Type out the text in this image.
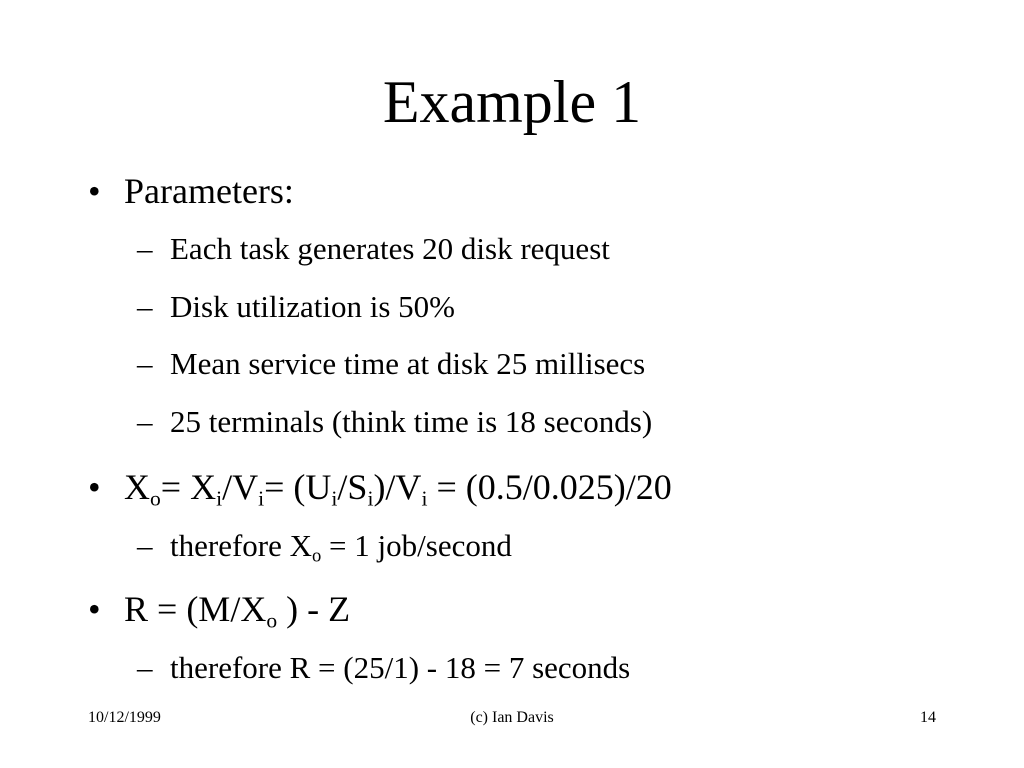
Example 1
• Parameters:
– Each task generates 20 disk request
– Disk utilization is 50%
– Mean service time at disk 25 millisecs
– 25 terminals (think time is 18 seconds)
• $X_o= X_i/V_i= (U_i/S_i)/V_i = (0.5/0.025)/20$
– therefore $X_o = 1$ job/second
• $R = (M/X_o$ ) - Z
– therefore R = (25/1) - 18 = 7 seconds
10/12/1999	(c) Ian Davis	14
